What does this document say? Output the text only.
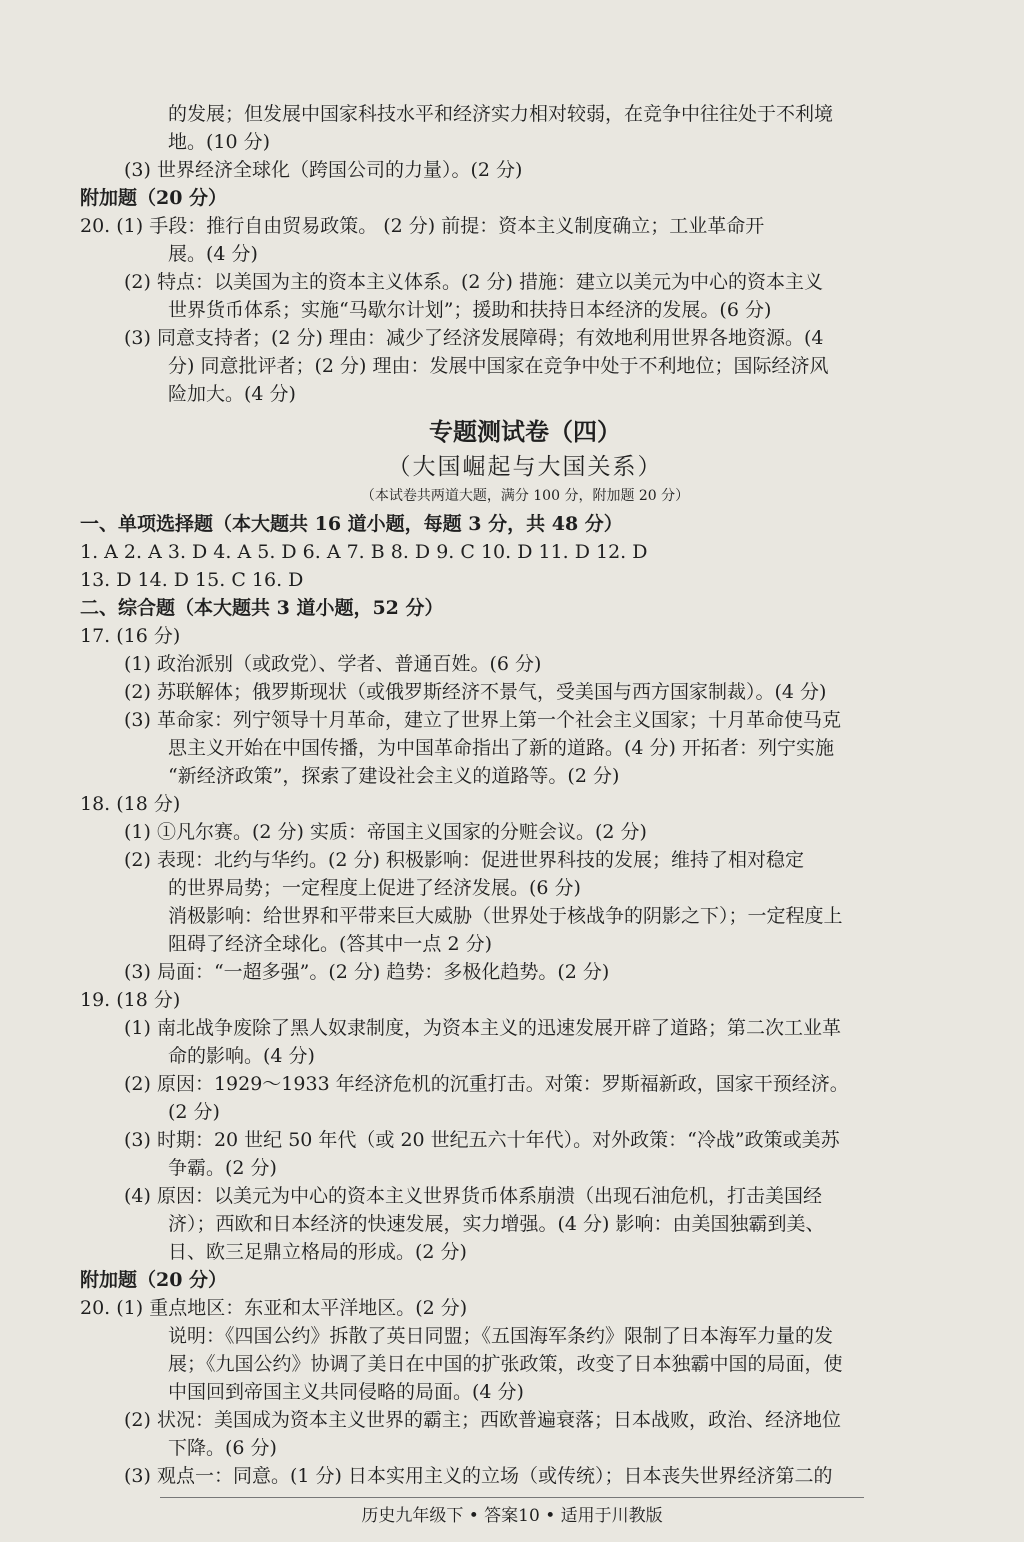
的发展；但发展中国家科技水平和经济实力相对较弱，在竞争中往往处于不利境
地。(10 分)
(3) 世界经济全球化（跨国公司的力量）。(2 分)
附加题（20 分）
20. (1) 手段：推行自由贸易政策。 (2 分) 前提：资本主义制度确立；工业革命开
展。(4 分)
(2) 特点：以美国为主的资本主义体系。(2 分) 措施：建立以美元为中心的资本主义
世界货币体系；实施“马歇尔计划”；援助和扶持日本经济的发展。(6 分)
(3) 同意支持者；(2 分) 理由：减少了经济发展障碍；有效地利用世界各地资源。(4
分) 同意批评者；(2 分) 理由：发展中国家在竞争中处于不利地位；国际经济风
险加大。(4 分)
专题测试卷（四）
（大国崛起与大国关系）
（本试卷共两道大题，满分 100 分，附加题 20 分）
一、单项选择题（本大题共 16 道小题，每题 3 分，共 48 分）
1. A 2. A 3. D 4. A 5. D 6. A 7. B 8. D 9. C 10. D 11. D 12. D
13. D 14. D 15. C 16. D
二、综合题（本大题共 3 道小题，52 分）
17. (16 分)
(1) 政治派别（或政党）、学者、普通百姓。(6 分)
(2) 苏联解体；俄罗斯现状（或俄罗斯经济不景气，受美国与西方国家制裁）。(4 分)
(3) 革命家：列宁领导十月革命，建立了世界上第一个社会主义国家；十月革命使马克
思主义开始在中国传播，为中国革命指出了新的道路。(4 分) 开拓者：列宁实施
“新经济政策”，探索了建设社会主义的道路等。(2 分)
18. (18 分)
(1) ①凡尔赛。(2 分) 实质：帝国主义国家的分赃会议。(2 分)
(2) 表现：北约与华约。(2 分) 积极影响：促进世界科技的发展；维持了相对稳定
的世界局势；一定程度上促进了经济发展。(6 分)
消极影响：给世界和平带来巨大威胁（世界处于核战争的阴影之下）；一定程度上
阻碍了经济全球化。(答其中一点 2 分)
(3) 局面：“一超多强”。(2 分) 趋势：多极化趋势。(2 分)
19. (18 分)
(1) 南北战争废除了黑人奴隶制度，为资本主义的迅速发展开辟了道路；第二次工业革
命的影响。(4 分)
(2) 原因：1929～1933 年经济危机的沉重打击。对策：罗斯福新政，国家干预经济。
(2 分)
(3) 时期：20 世纪 50 年代（或 20 世纪五六十年代）。对外政策：“冷战”政策或美苏
争霸。(2 分)
(4) 原因：以美元为中心的资本主义世界货币体系崩溃（出现石油危机，打击美国经
济）；西欧和日本经济的快速发展，实力增强。(4 分) 影响：由美国独霸到美、
日、欧三足鼎立格局的形成。(2 分)
附加题（20 分）
20. (1) 重点地区：东亚和太平洋地区。(2 分)
说明：《四国公约》拆散了英日同盟；《五国海军条约》限制了日本海军力量的发
展；《九国公约》协调了美日在中国的扩张政策，改变了日本独霸中国的局面，使
中国回到帝国主义共同侵略的局面。(4 分)
(2) 状况：美国成为资本主义世界的霸主；西欧普遍衰落；日本战败，政治、经济地位
下降。(6 分)
(3) 观点一：同意。(1 分) 日本实用主义的立场（或传统）；日本丧失世界经济第二的
历史九年级下 • 答案10 • 适用于川教版
